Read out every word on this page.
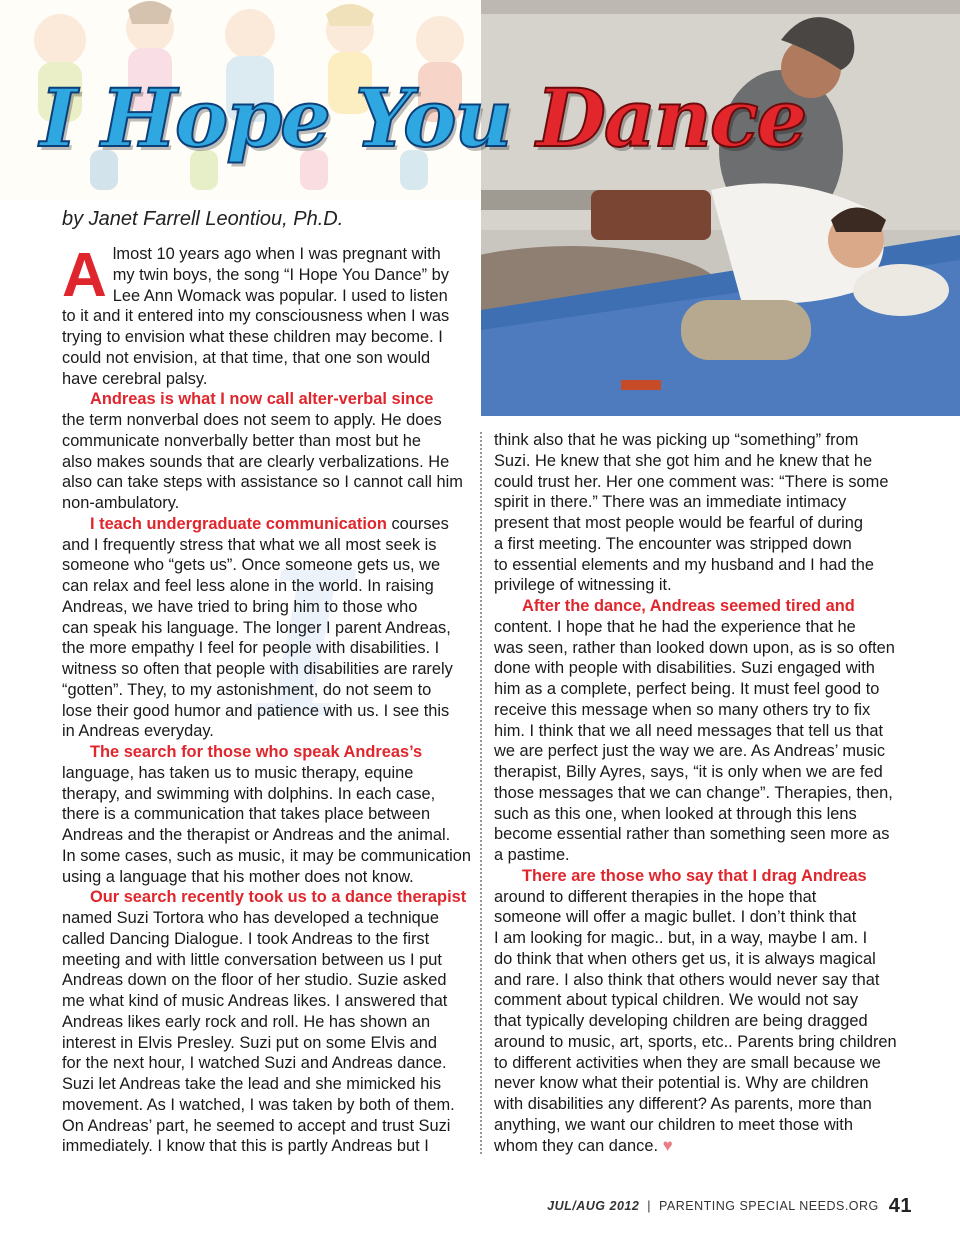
I Hope You Dance
by Janet Farrell Leontiou, Ph.D.
I

A lmost 10 years ago when I was pregnant with
my twin boys, the song “I Hope You Dance” by
Lee Ann Womack was popular. I used to listen
to it and it entered into my consciousness when I was
trying to envision what these children may become. I
could not envision, at that time, that one son would
have cerebral palsy.

Andreas is what I now call alter-verbal since
the term nonverbal does not seem to apply. He does
communicate nonverbally better than most but he
also makes sounds that are clearly verbalizations. He
also can take steps with assistance so I cannot call him
non-ambulatory.

I teach undergraduate communication courses
and I frequently stress that what we all most seek is
someone who “gets us”. Once someone gets us, we
can relax and feel less alone in the world. In raising
Andreas, we have tried to bring him to those who
can speak his language. The longer I parent Andreas,
the more empathy I feel for people with disabilities. I
witness so often that people with disabilities are rarely
“gotten”. They, to my astonishment, do not seem to
lose their good humor and patience with us. I see this
in Andreas everyday.

The search for those who speak Andreas’s
language, has taken us to music therapy, equine
therapy, and swimming with dolphins. In each case,
there is a communication that takes place between
Andreas and the therapist or Andreas and the animal.
In some cases, such as music, it may be communication
using a language that his mother does not know.

Our search recently took us to a dance therapist
named Suzi Tortora who has developed a technique
called Dancing Dialogue. I took Andreas to the first
meeting and with little conversation between us I put
Andreas down on the floor of her studio. Suzie asked
me what kind of music Andreas likes. I answered that
Andreas likes early rock and roll. He has shown an
interest in Elvis Presley. Suzi put on some Elvis and
for the next hour, I watched Suzi and Andreas dance.
Suzi let Andreas take the lead and she mimicked his
movement. As I watched, I was taken by both of them.
On Andreas’ part, he seemed to accept and trust Suzi
immediately. I know that this is partly Andreas but I

think also that he was picking up “something” from
Suzi. He knew that she got him and he knew that he
could trust her. Her one comment was: “There is some
spirit in there.” There was an immediate intimacy
present that most people would be fearful of during
a first meeting. The encounter was stripped down
to essential elements and my husband and I had the
privilege of witnessing it.

After the dance, Andreas seemed tired and
content. I hope that he had the experience that he
was seen, rather than looked down upon, as is so often
done with people with disabilities. Suzi engaged with
him as a complete, perfect being. It must feel good to
receive this message when so many others try to fix
him. I think that we all need messages that tell us that
we are perfect just the way we are. As Andreas’ music
therapist, Billy Ayres, says, “it is only when we are fed
those messages that we can change”. Therapies, then,
such as this one, when looked at through this lens
become essential rather than something seen more as
a pastime.

There are those who say that I drag Andreas
around to different therapies in the hope that
someone will offer a magic bullet. I don’t think that
I am looking for magic.. but, in a way, maybe I am. I
do think that when others get us, it is always magical
and rare. I also think that others would never say that
comment about typical children. We would not say
that typically developing children are being dragged
around to music, art, sports, etc.. Parents bring children
to different activities when they are small because we
never know what their potential is. Why are children
with disabilities any different? As parents, more than
anything, we want our children to meet those with
whom they can dance. ♥

JUL/AUG 2012 | PARENTING SPECIAL NEEDS.ORG 41
